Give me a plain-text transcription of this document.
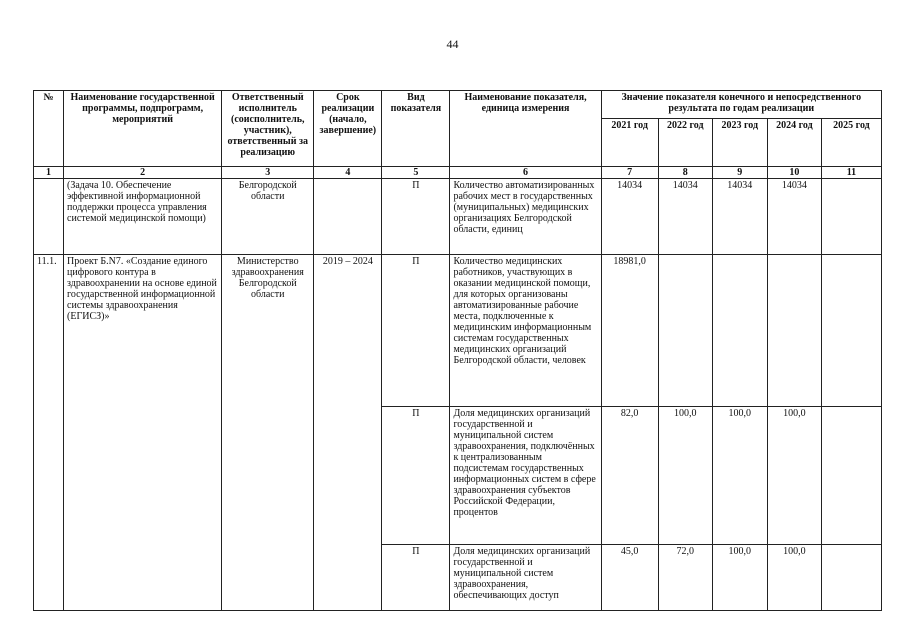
44
№	Наименование государственной программы, подпрограмм, мероприятий	Ответственный исполнитель (соисполнитель, участник), ответственный за реализацию	Срок реализации (начало, завершение)	Вид показателя	Наименование показателя, единица измерения	Значение показателя конечного и непосредственного результата по годам реализации				
						2021 год	2022 год	2023 год	2024 год	2025 год
1	2	3	4	5	6	7	8	9	10	11
	(Задача 10. Обеспечение эффективной информационной поддержки процесса управления системой медицинской помощи)	Белгородской области		П	Количество автоматизированных рабочих мест в государственных (муниципальных) медицинских организациях Белгородской области, единиц	14034	14034	14034	14034	
11.1.	Проект Б.N7. «Создание единого цифрового контура в здравоохранении на основе единой государственной информационной системы здравоохранения (ЕГИСЗ)»	Министерство здравоохранения Белгородской области	2019 – 2024	П	Количество медицинских работников, участвующих в оказании медицинской помощи, для которых организованы автоматизированные рабочие места, подключенные к медицинским информационным системам государственных медицинских организаций Белгородской области, человек	18981,0				
				П	Доля медицинских организаций государственной и муниципальной систем здравоохранения, подключённых к централизованным подсистемам государственных информационных систем в сфере здравоохранения субъектов Российской Федерации, процентов	82,0	100,0	100,0	100,0	
				П	Доля медицинских организаций государственной и муниципальной систем здравоохранения, обеспечивающих доступ	45,0	72,0	100,0	100,0	
